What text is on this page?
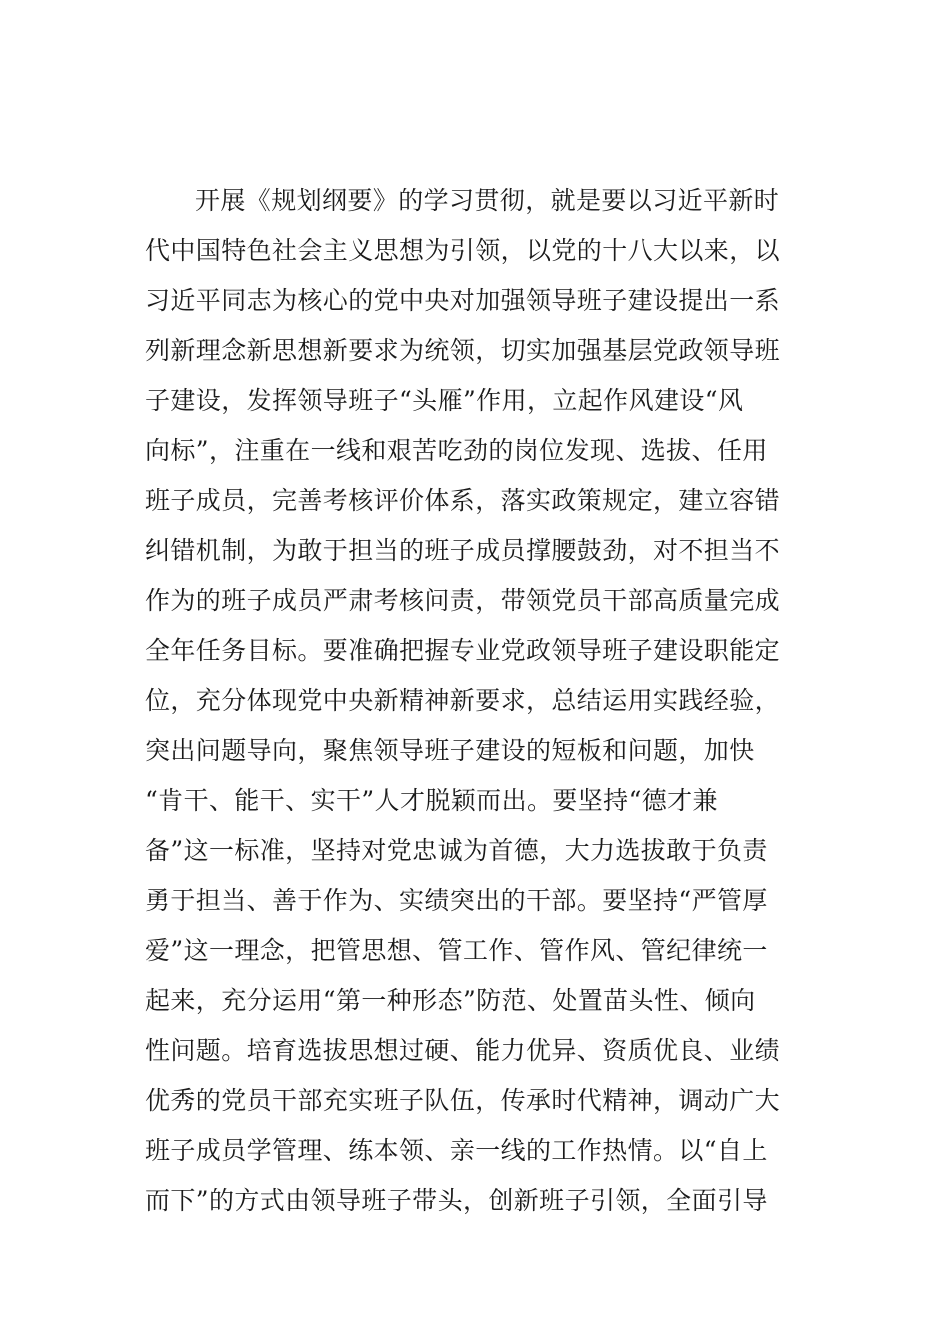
开展《规划纲要》的学习贯彻，就是要以习近平新时
代中国特色社会主义思想为引领，以党的十八大以来，以
习近平同志为核心的党中央对加强领导班子建设提出一系
列新理念新思想新要求为统领，切实加强基层党政领导班
子建设，发挥领导班子“头雁”作用，立起作风建设“风
向标”，注重在一线和艰苦吃劲的岗位发现、选拔、任用
班子成员，完善考核评价体系，落实政策规定，建立容错
纠错机制，为敢于担当的班子成员撑腰鼓劲，对不担当不
作为的班子成员严肃考核问责，带领党员干部高质量完成
全年任务目标。要准确把握专业党政领导班子建设职能定
位，充分体现党中央新精神新要求，总结运用实践经验，
突出问题导向，聚焦领导班子建设的短板和问题，加快
“肯干、能干、实干”人才脱颖而出。要坚持“德才兼
备”这一标准，坚持对党忠诚为首德，大力选拔敢于负责
勇于担当、善于作为、实绩突出的干部。要坚持“严管厚
爱”这一理念，把管思想、管工作、管作风、管纪律统一
起来，充分运用“第一种形态”防范、处置苗头性、倾向
性问题。培育选拔思想过硬、能力优异、资质优良、业绩
优秀的党员干部充实班子队伍，传承时代精神，调动广大
班子成员学管理、练本领、亲一线的工作热情。以“自上
而下”的方式由领导班子带头，创新班子引领，全面引导
